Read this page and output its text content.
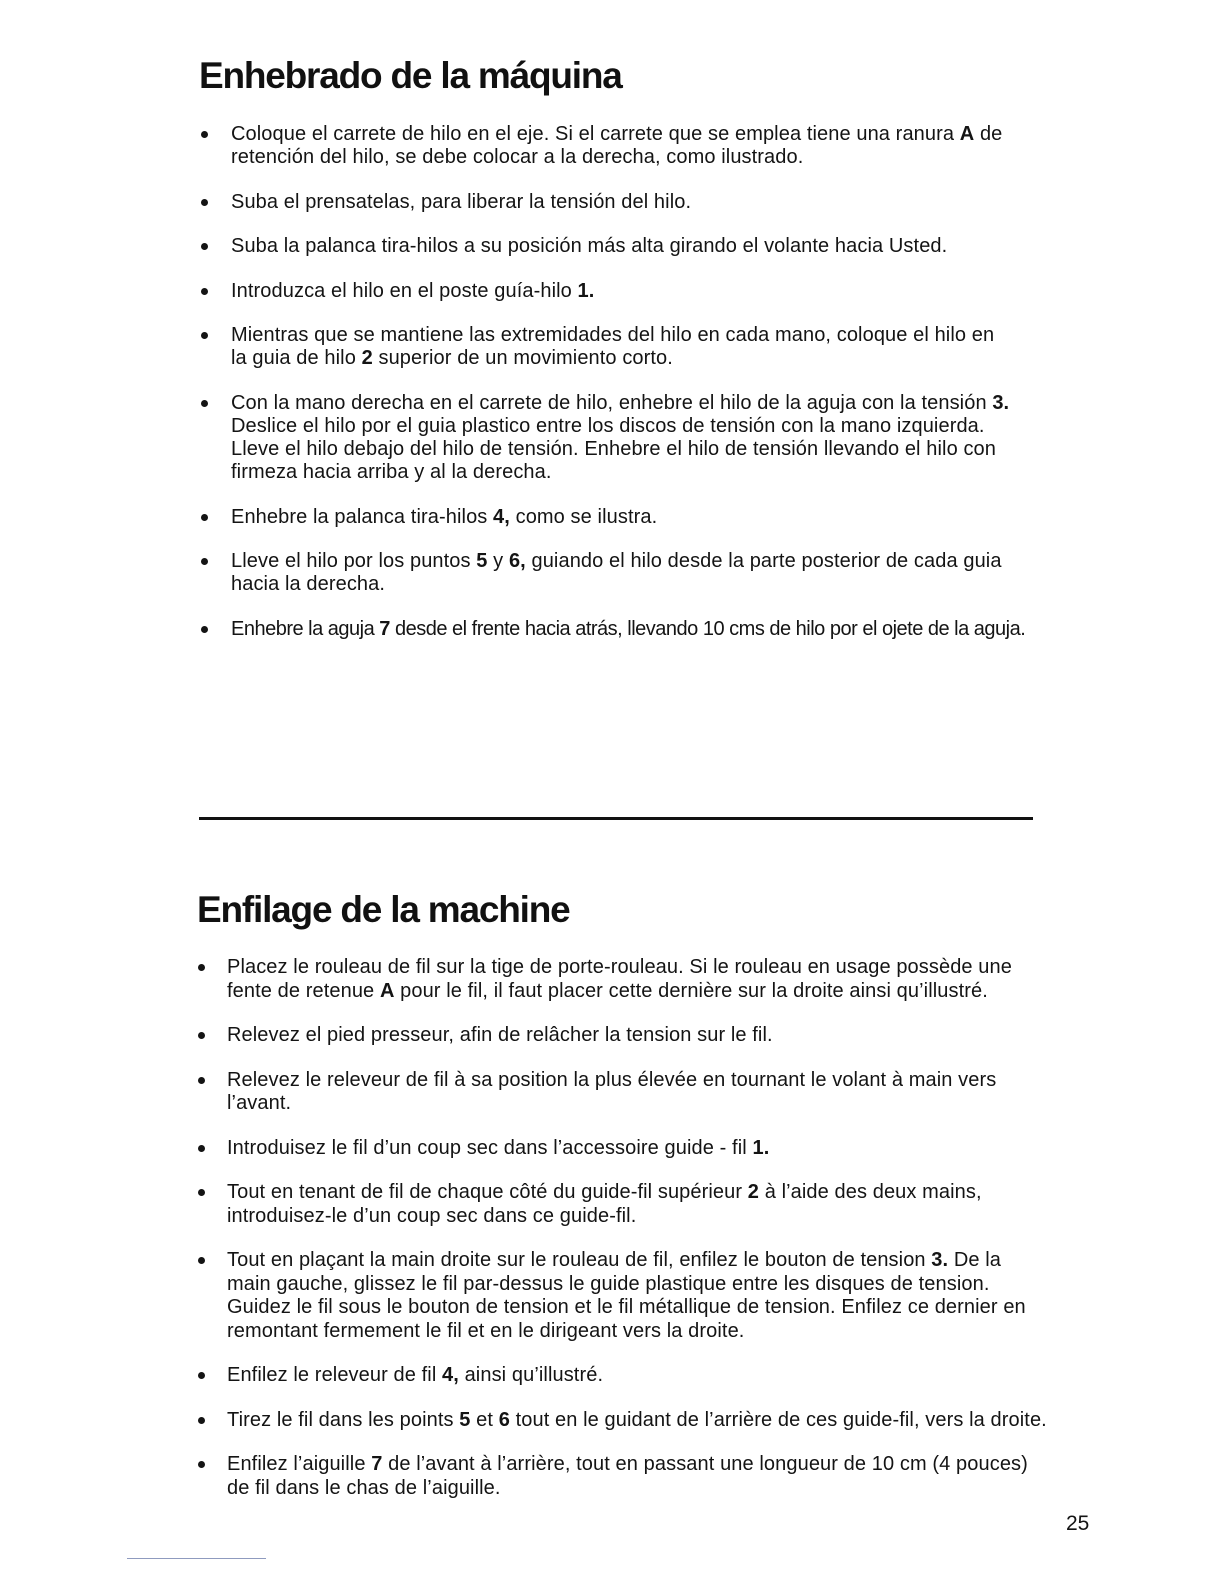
Enhebrado de la máquina
Coloque el carrete de hilo en el eje. Si el carrete que se emplea tiene una ranura A de
retención del hilo, se debe colocar a la derecha, como ilustrado.
Suba el prensatelas, para liberar la tensión del hilo.
Suba la palanca tira-hilos a su posición más alta girando el volante hacia Usted.
Introduzca el hilo en el poste guía-hilo 1.
Mientras que se mantiene las extremidades del hilo en cada mano, coloque el hilo en
la guia de hilo 2 superior de un movimiento corto.
Con la mano derecha en el carrete de hilo, enhebre el hilo de la aguja con la tensión 3.
Deslice el hilo por el guia plastico entre los discos de tensión con la mano izquierda.
Lleve el hilo debajo del hilo de tensión. Enhebre el hilo de tensión llevando el hilo con
firmeza hacia arriba y al la derecha.
Enhebre la palanca tira-hilos 4, como se ilustra.
Lleve el hilo por los puntos 5 y 6, guiando el hilo desde la parte posterior de cada guia
hacia la derecha.
Enhebre la aguja 7 desde el frente hacia atrás, llevando 10 cms de hilo por el ojete de la aguja.
Enfilage de la machine
Placez le rouleau de fil sur la tige de porte-rouleau. Si le rouleau en usage possède une
fente de retenue A pour le fil, il faut placer cette dernière sur la droite ainsi qu’illustré.
Relevez el pied presseur, afin de relâcher la tension sur le fil.
Relevez le releveur de fil à sa position la plus élevée en tournant le volant à main vers
l’avant.
Introduisez le fil d’un coup sec dans l’accessoire guide - fil 1.
Tout en tenant de fil de chaque côté du guide-fil supérieur 2 à l’aide des deux mains,
introduisez-le d’un coup sec dans ce guide-fil.
Tout en plaçant la main droite sur le rouleau de fil, enfilez le bouton de tension 3. De la
main gauche, glissez le fil par-dessus le guide plastique entre les disques de tension.
Guidez le fil sous le bouton de tension et le fil métallique de tension. Enfilez ce dernier en
remontant fermement le fil et en le dirigeant vers la droite.
Enfilez le releveur de fil 4, ainsi qu’illustré.
Tirez le fil dans les points 5 et 6 tout en le guidant de l’arrière de ces guide-fil, vers la droite.
Enfilez l’aiguille 7 de l’avant à l’arrière, tout en passant une longueur de 10 cm (4 pouces)
de fil dans le chas de l’aiguille.
25
